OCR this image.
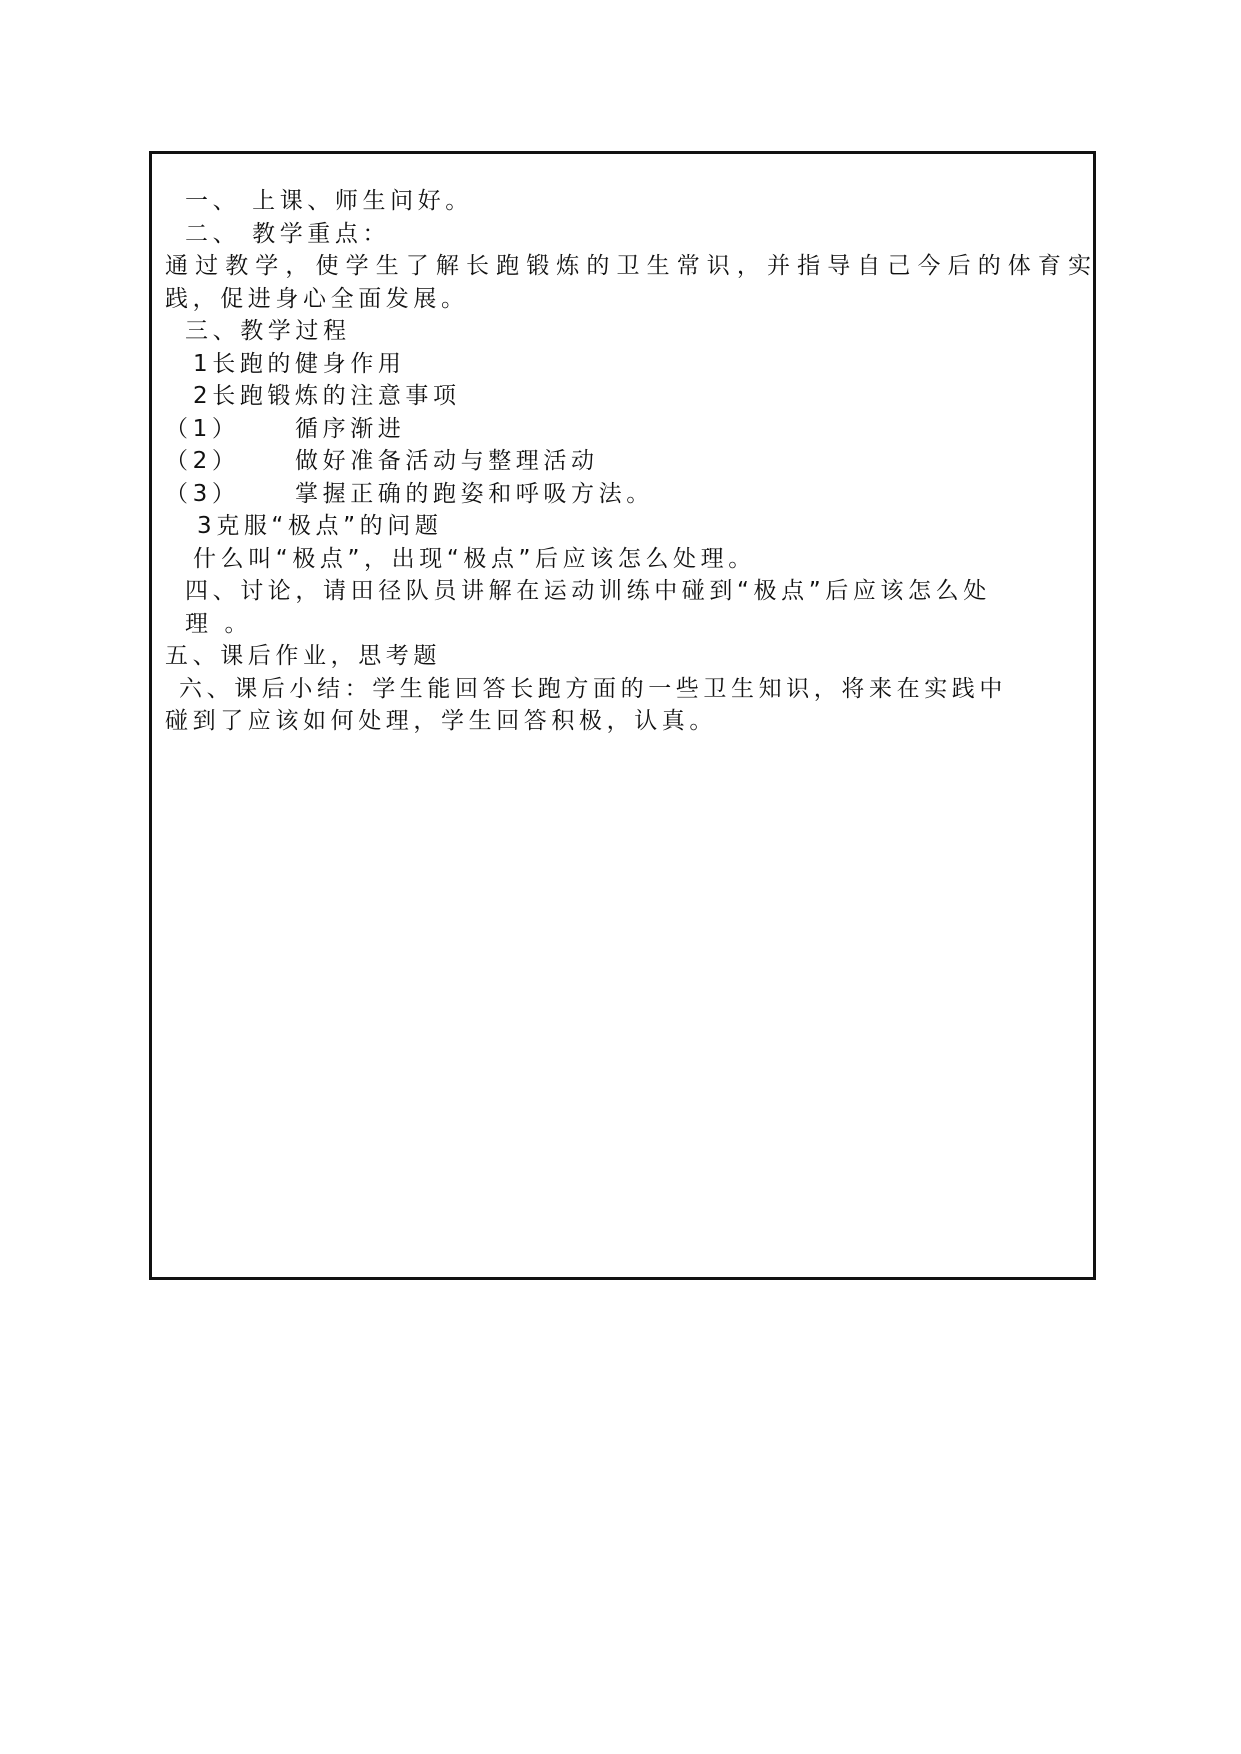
一、 上课、师生问好。
二、 教学重点：
通过教学，使学生了解长跑锻炼的卫生常识，并指导自己今后的体育实
践，促进身心全面发展。
三、教学过程
1长跑的健身作用
2长跑锻炼的注意事项
（1） 循序渐进
（2） 做好准备活动与整理活动
（3） 掌握正确的跑姿和呼吸方法。
3克服“极点”的问题
什么叫“极点”，出现“极点”后应该怎么处理。
四、讨论，请田径队员讲解在运动训练中碰到“极点”后应该怎么处
理 。
五、课后作业，思考题
六、课后小结：学生能回答长跑方面的一些卫生知识，将来在实践中
碰到了应该如何处理，学生回答积极，认真。
